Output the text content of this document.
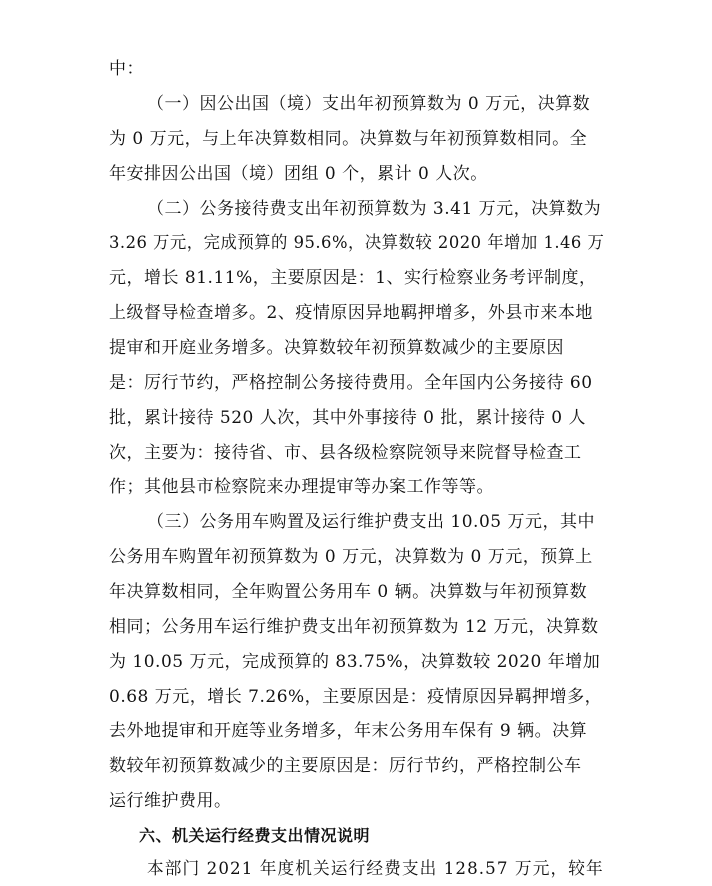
中：
（一）因公出国（境）支出年初预算数为 0 万元，决算数
为 0 万元，与上年决算数相同。决算数与年初预算数相同。全
年安排因公出国（境）团组 0 个，累计 0 人次。
（二）公务接待费支出年初预算数为 3.41 万元，决算数为
3.26 万元，完成预算的 95.6%，决算数较 2020 年增加 1.46 万
元，增长 81.11%，主要原因是：1、实行检察业务考评制度，
上级督导检查增多。2、疫情原因异地羁押增多，外县市来本地
提审和开庭业务增多。决算数较年初预算数减少的主要原因
是：厉行节约，严格控制公务接待费用。全年国内公务接待 60
批，累计接待 520 人次，其中外事接待 0 批，累计接待 0 人
次，主要为：接待省、市、县各级检察院领导来院督导检查工
作；其他县市检察院来办理提审等办案工作等等。
（三）公务用车购置及运行维护费支出 10.05 万元，其中
公务用车购置年初预算数为 0 万元，决算数为 0 万元，预算上
年决算数相同，全年购置公务用车 0 辆。决算数与年初预算数
相同；公务用车运行维护费支出年初预算数为 12 万元，决算数
为 10.05 万元，完成预算的 83.75%，决算数较 2020 年增加
0.68 万元，增长 7.26%，主要原因是：疫情原因异羁押增多，
去外地提审和开庭等业务增多，年末公务用车保有 9 辆。决算
数较年初预算数减少的主要原因是：厉行节约，严格控制公车
运行维护费用。
六、机关运行经费支出情况说明
本部门 2021 年度机关运行经费支出 128.57 万元，较年
